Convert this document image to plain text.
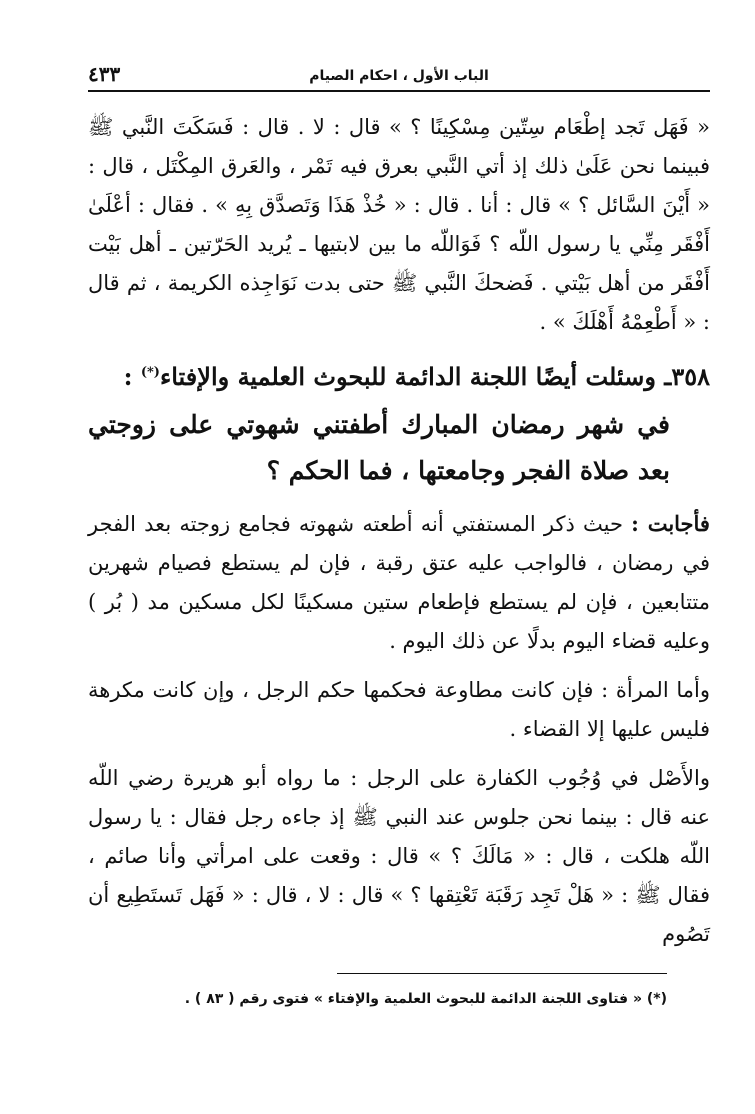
الباب الأول ، احكام الصيام
٤٣٣

« فَهَل تَجد إطْعَام سِتّين مِسْكِينًا ؟ » قال : لا . قال : فَسَكَتَ النَّبي ﷺ فبينما نحن عَلَىٰ ذلك إذ أتي النَّبي بعرق فيه تَمْر ، والعَرق المِكْتَل ، قال : « أَيْنَ السَّائل ؟ » قال : أنا . قال : « خُذْ هَذَا وَتَصدَّق بِهِ » . فقال : أعْلَىٰ أَفْقَر مِنِّي يا رسول اللّه ؟ فَوَاللّه ما بين لابتيها ـ يُريد الحَرّتين ـ أهل بَيْت أَفْقَر من أهل بَيْتي . فَضحكَ النَّبي ﷺ حتى بدت نَوَاجِذه الكريمة ، ثم قال : « أَطْعِمْهُ أَهْلَكَ » .

٣٥٨ـ وسئلت أيضًا اللجنة الدائمة للبحوث العلمية والإفتاء(*) :

في شهر رمضان المبارك أطفتني شهوتي على زوجتي بعد صلاة الفجر وجامعتها ، فما الحكم ؟

فأجابت : حيث ذكر المستفتي أنه أطعته شهوته فجامع زوجته بعد الفجر في رمضان ، فالواجب عليه عتق رقبة ، فإن لم يستطع فصيام شهرين متتابعين ، فإن لم يستطع فإطعام ستين مسكينًا لكل مسكين مد ( بُر ) وعليه قضاء اليوم بدلًا عن ذلك اليوم .

وأما المرأة : فإن كانت مطاوعة فحكمها حكم الرجل ، وإن كانت مكرهة فليس عليها إلا القضاء .

والأَصْل في وُجُوب الكفارة على الرجل : ما رواه أبو هريرة رضي اللّه عنه قال : بينما نحن جلوس عند النبي ﷺ إذ جاءه رجل فقال : يا رسول اللّه هلكت ، قال : « مَالَكَ ؟ » قال : وقعت على امرأتي وأنا صائم ، فقال ﷺ : « هَلْ تَجِد رَقَبَة تَعْتِقها ؟ » قال : لا ، قال : « فَهَل تَستَطِيع أن تَصُوم

(*) « فتاوى اللجنة الدائمة للبحوث العلمية والإفتاء » فتوى رقم ( ٨٣ ) .
